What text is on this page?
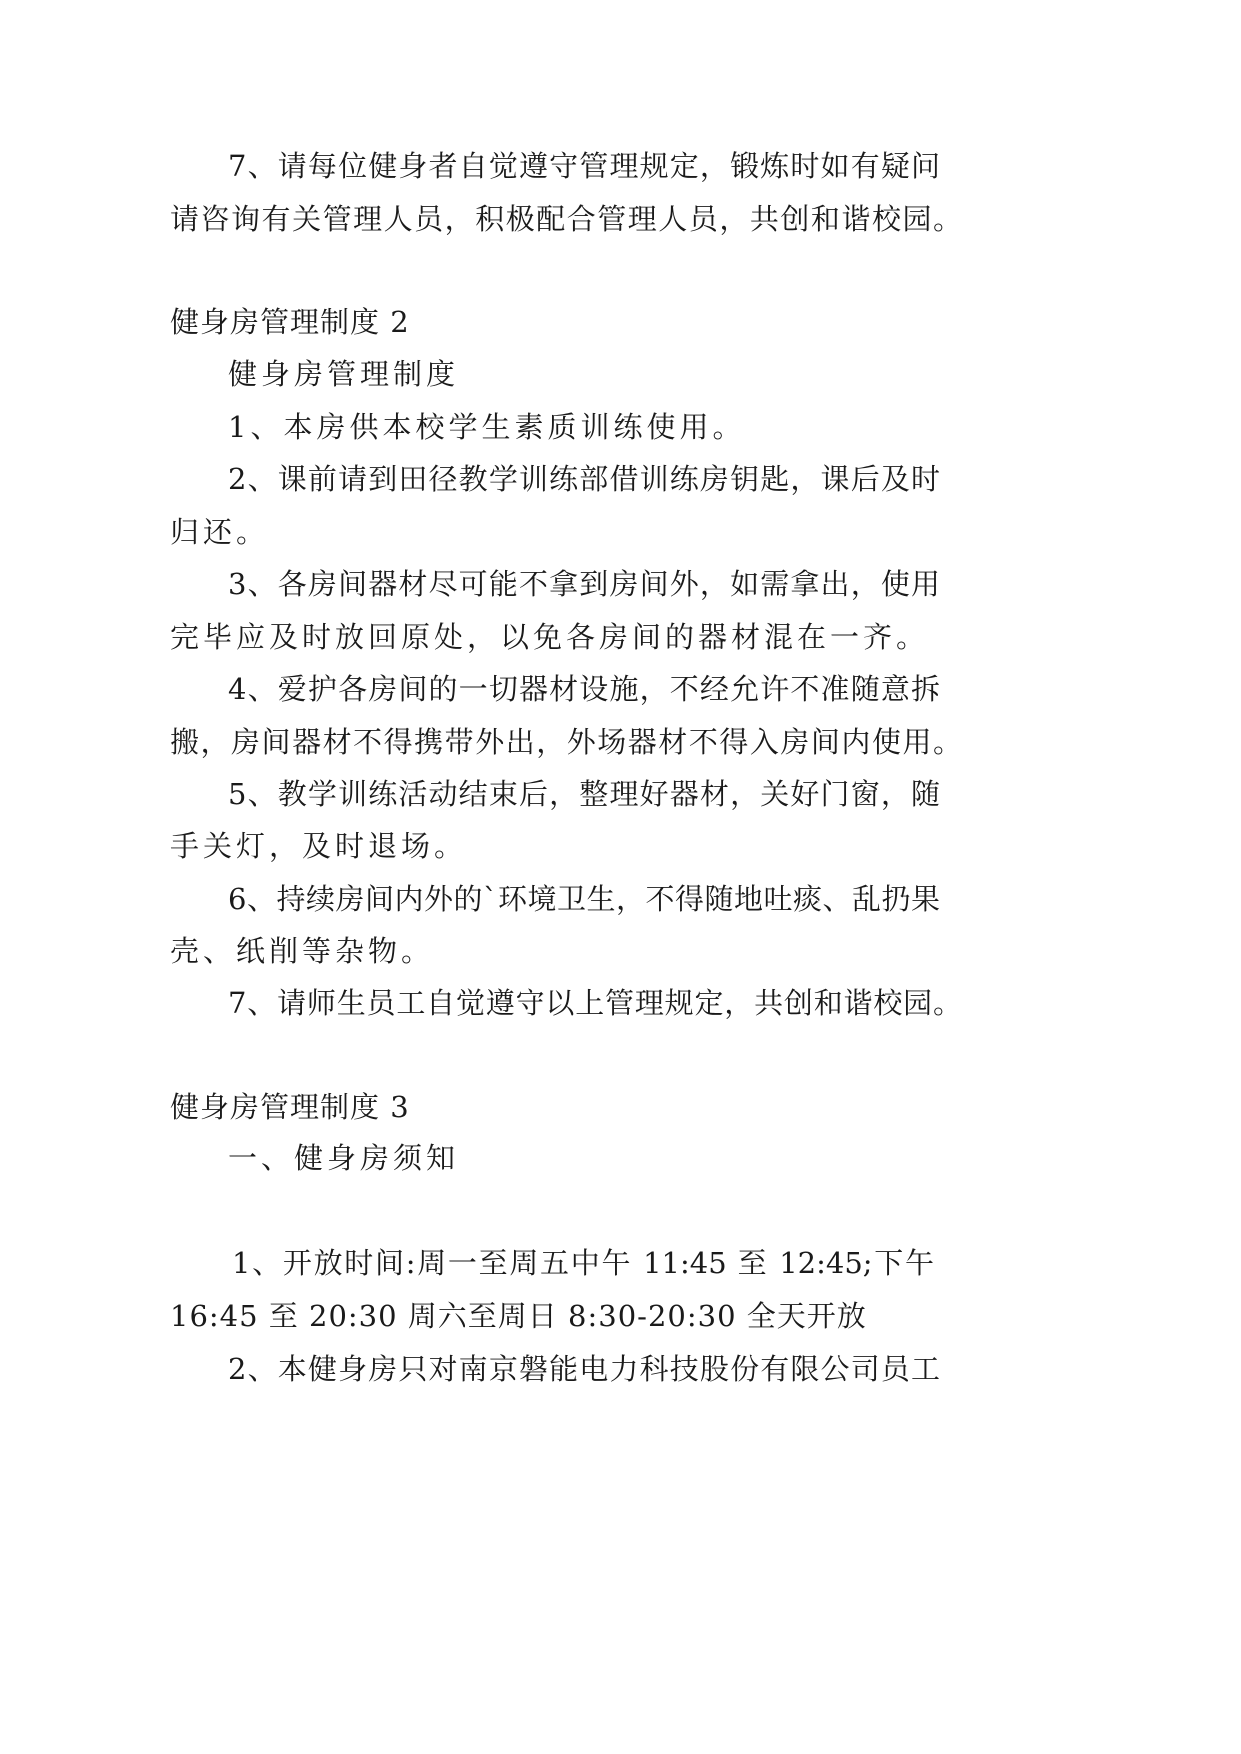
7、请每位健身者自觉遵守管理规定，锻炼时如有疑问

请咨询有关管理人员，积极配合管理人员，共创和谐校园。

健身房管理制度 2

健身房管理制度

1、本房供本校学生素质训练使用。

2、课前请到田径教学训练部借训练房钥匙，课后及时

归还。

3、各房间器材尽可能不拿到房间外，如需拿出，使用

完毕应及时放回原处，以免各房间的器材混在一齐。

4、爱护各房间的一切器材设施，不经允许不准随意拆

搬，房间器材不得携带外出，外场器材不得入房间内使用。

5、教学训练活动结束后，整理好器材，关好门窗，随

手关灯，及时退场。

6、持续房间内外的`环境卫生，不得随地吐痰、乱扔果

壳、纸削等杂物。

7、请师生员工自觉遵守以上管理规定，共创和谐校园。

健身房管理制度 3

一、健身房须知

1、开放时间:周一至周五中午 11:45 至 12:45;下午

16:45 至 20:30 周六至周日 8:30-20:30 全天开放

2、本健身房只对南京磐能电力科技股份有限公司员工
